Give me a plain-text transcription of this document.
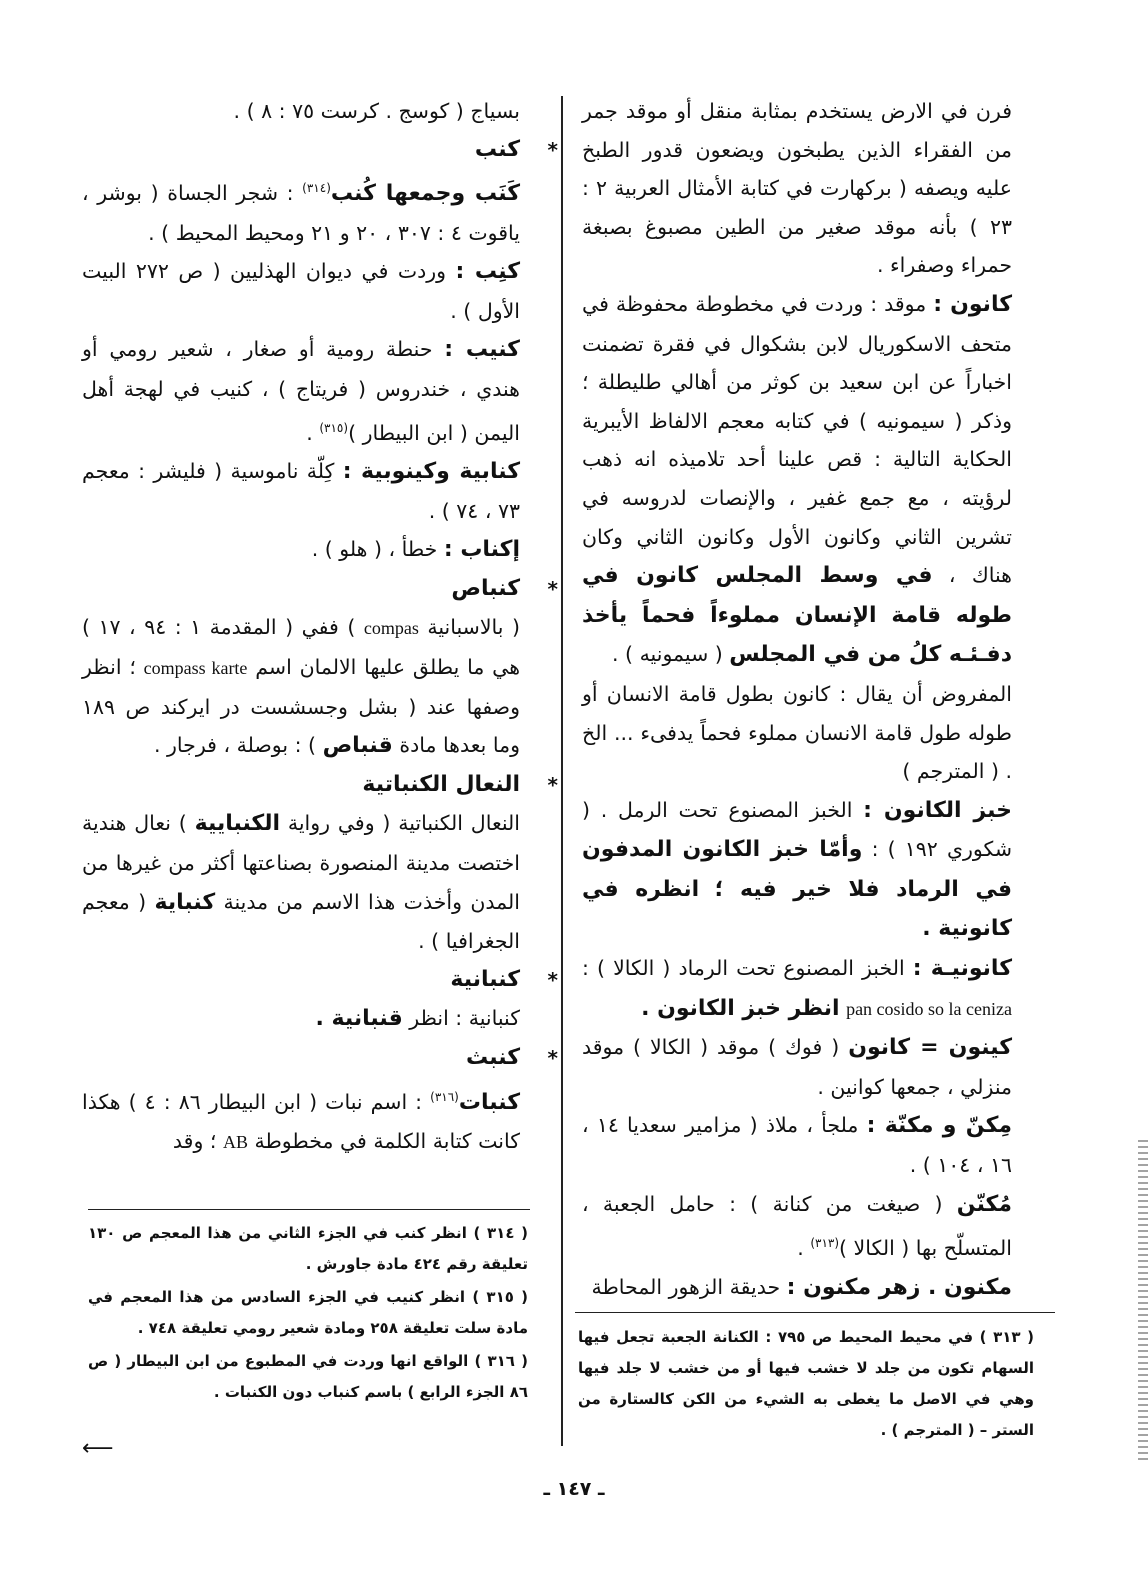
فرن في الارض يستخدم بمثابة منقل أو موقد جمر من الفقراء الذين يطبخون ويضعون قدور الطبخ عليه ويصفه ( بركهارت في كتابة الأمثال العربية ٢ : ٢٣ ) بأنه موقد صغير من الطين مصبوغ بصبغة حمراء وصفراء .

كانون : موقد : وردت في مخطوطة محفوظة في متحف الاسكوريال لابن بشكوال في فقرة تضمنت اخباراً عن ابن سعيد بن كوثر من أهالي طليطلة ؛ وذكر ( سيمونيه ) في كتابه معجم الالفاظ الأيبرية الحكاية التالية : قص علينا أحد تلاميذه انه ذهب لرؤيته ، مع جمع غفير ، والإنصات لدروسه في تشرين الثاني وكانون الأول وكانون الثاني وكان هناك ، في وسط المجلس كانون في طوله قامة الإنسان مملوءاً فحماً يأخذ دفـئـه كلُ من في المجلس ( سيمونيه ) .

المفروض أن يقال : كانون بطول قامة الانسان أو طوله طول قامة الانسان مملوء فحماً يدفىء ... الخ . ( المترجم )

خبز الكانون : الخبز المصنوع تحت الرمل . ( شكوري ١٩٢ ) : وأمّا خبز الكانون المدفون في الرماد فلا خير فيه ؛ انظره في كانونية .

كانونيـة : الخبز المصنوع تحت الرماد ( الكالا ) : pan cosido so la ceniza انظر خبز الكانون .

كينون = كانون ( فوك ) موقد ( الكالا ) موقد منزلي ، جمعها كوانين .

مِكنّ و مكنّة : ملجأ ، ملاذ ( مزامير سعديا ١٤ ، ١٦ ، ١٠٤ ) .

مُكنّن ( صيغت من كنانة ) : حامل الجعبة ، المتسلّح بها ( الكالا )$^{(٣١٣)}$ .

مكنون . زهر مكنون : حديقة الزهور المحاطة

بسياج ( كوسج . كرست ٧٥ : ٨ ) .

*
كنب

كَنَب وجمعها كُنب$^{(٣١٤)}$ : شجر الجساة ( بوشر ، ياقوت ٤ : ٣٠٧ ، ٢٠ و ٢١ ومحيط المحيط ) .

كنِب : وردت في ديوان الهذليين ( ص ٢٧٢ البيت الأول ) .

كنيب : حنطة رومية أو صغار ، شعير رومي أو هندي ، خندروس ( فريتاج ) ، كنيب في لهجة أهل اليمن ( ابن البيطار )$^{(٣١٥)}$ .

كنابية وكينوبية : كِلّة ناموسية ( فليشر : معجم ٧٣ ، ٧٤ ) .

إكناب : خطأ ، ( هلو ) .

*
كنباص

( بالاسبانية compas ) ففي ( المقدمة ١ : ٩٤ ، ١٧ ) هي ما يطلق عليها الالمان اسم compass karte ؛ انظر وصفها عند ( بشل وجسشست در ايركند ص ١٨٩ وما بعدها مادة قنباص ) : بوصلة ، فرجار .

*
النعال الكنباتية

النعال الكنباتية ( وفي رواية الكنبايية ) نعال هندية اختصت مدينة المنصورة بصناعتها أكثر من غيرها من المدن وأخذت هذا الاسم من مدينة كنباية ( معجم الجغرافيا ) .

*
كنبانية

كنبانية : انظر قنبانية .

*
كنبث

كنبات$^{(٣١٦)}$ : اسم نبات ( ابن البيطار ٨٦ : ٤ ) هكذا كانت كتابة الكلمة في مخطوطة AB ؛ وقد

( ٣١٣ ) في محيط المحيط ص ٧٩٥ : الكنانة الجعبة تجعل فيها السهام تكون من جلد لا خشب فيها أو من خشب لا جلد فيها وهي في الاصل ما يغطى به الشيء من الكن كالستارة من الستر – ( المترجم ) .

( ٣١٤ ) انظر كنب في الجزء الثاني من هذا المعجم ص ١٣٠ تعليقة رقم ٤٢٤ مادة جاورش .

( ٣١٥ ) انظر كنيب في الجزء السادس من هذا المعجم في مادة سلت تعليقة ٢٥٨ ومادة شعير رومي تعليقة ٧٤٨ .

( ٣١٦ ) الواقع انها وردت في المطبوع من ابن البيطار ( ص ٨٦ الجزء الرابع ) باسم كنباب دون الكنبات .

⟵
ـ ١٤٧ ـ
